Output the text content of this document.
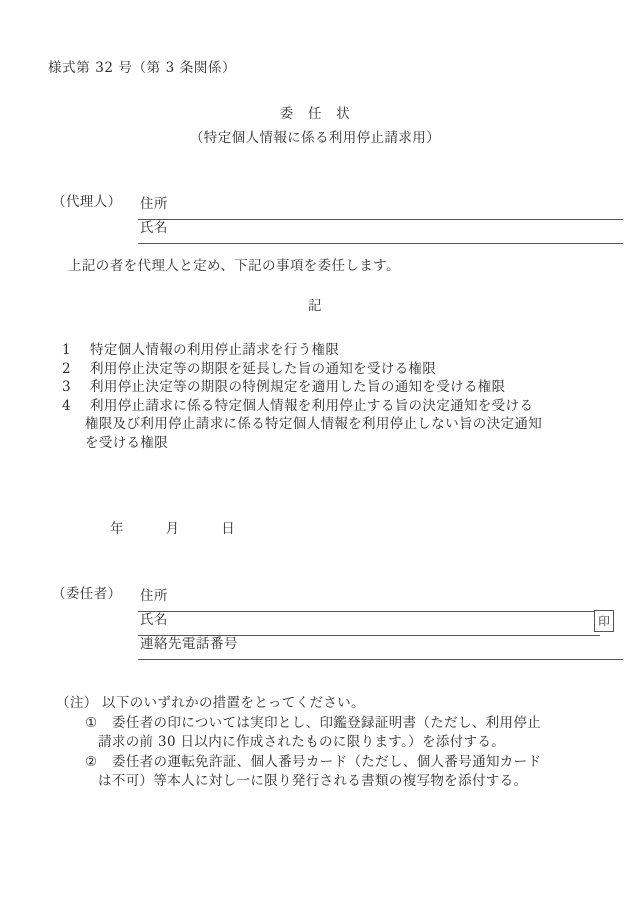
様式第 32 号（第 3 条関係）
委　任　状
（特定個人情報に係る利用停止請求用）
（代理人） 住所
氏名
上記の者を代理人と定め、下記の事項を委任します。
記
1	特定個人情報の利用停止請求を行う権限
2	利用停止決定等の期限を延長した旨の通知を受ける権限
3	利用停止決定等の期限の特例規定を適用した旨の通知を受ける権限
4	利用停止請求に係る特定個人情報を利用停止する旨の決定通知を受ける
権限及び利用停止請求に係る特定個人情報を利用停止しない旨の決定通知
を受ける権限
年　　　月　　　日
（委任者） 住所
氏名	印
連絡先電話番号
（注） 以下のいずれかの措置をとってください。
①	委任者の印については実印とし、印鑑登録証明書（ただし、利用停止
請求の前 30 日以内に作成されたものに限ります。）を添付する。
②	委任者の運転免許証、個人番号カード（ただし、個人番号通知カード
は不可）等本人に対し一に限り発行される書類の複写物を添付する。
